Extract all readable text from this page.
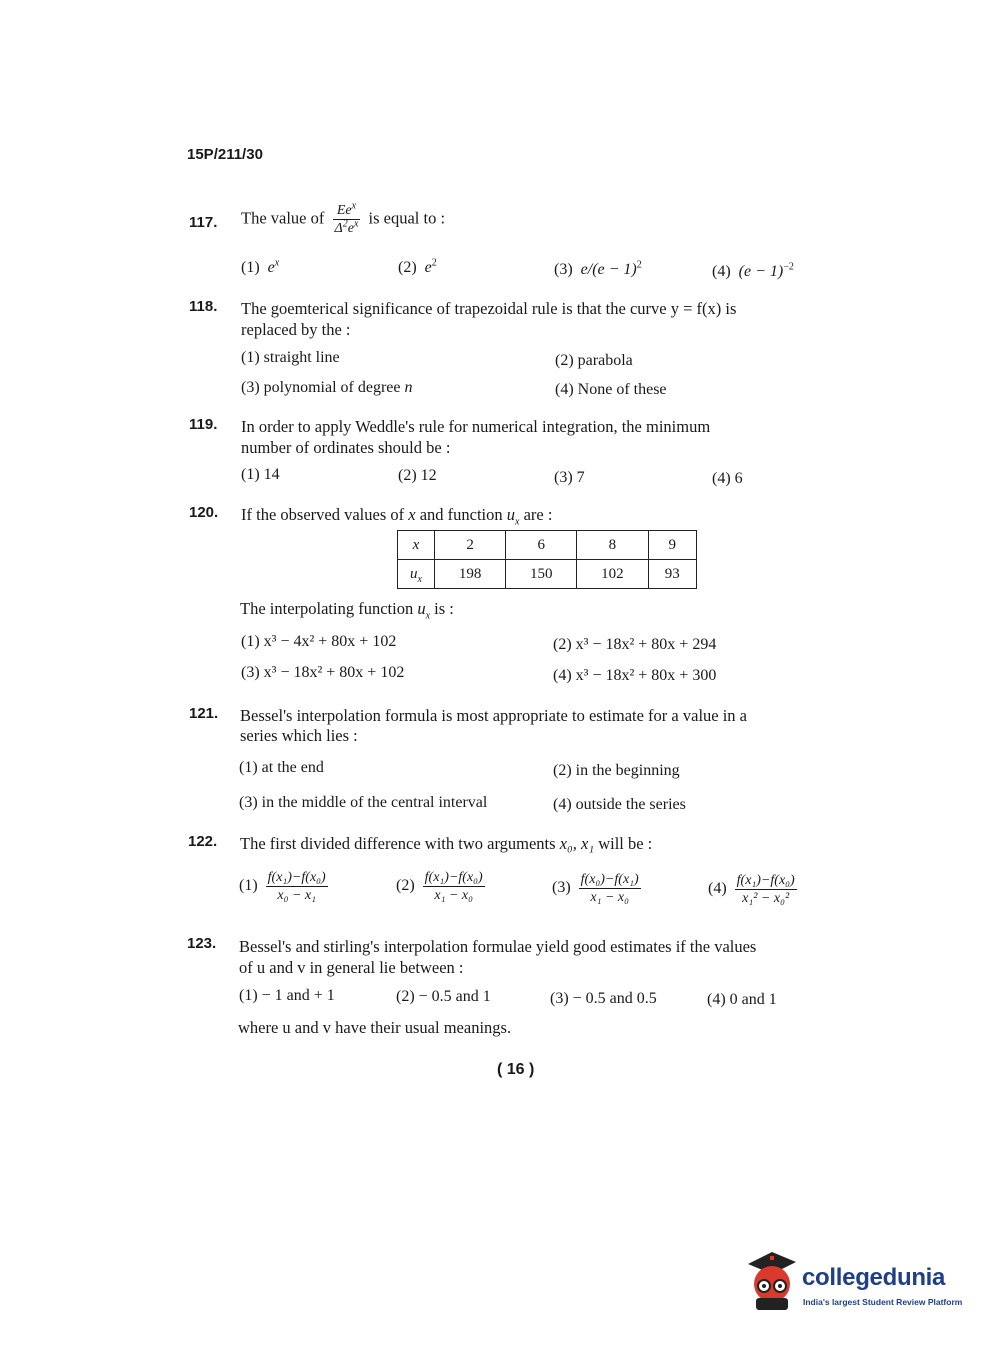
15P/211/30
117. The value of $\frac{Ee^x}{\Delta^2e^x}$ is equal to :
(1) $e^x$	(2) $e^2$	(3) $e/(e - 1)^2$	(4) $(e - 1)^{-2}$
118. The goemterical significance of trapezoidal rule is that the curve y = f(x) is
replaced by the :
(1) straight line	(2) parabola
(3) polynomial of degree n	(4) None of these
119. In order to apply Weddle's rule for numerical integration, the minimum
number of ordinates should be :
(1) 14	(2) 12	(3) 7	(4) 6
120. If the observed values of x and function $u_x$ are :
x	2	6	8	9
$u_x$	198	150	102	93
The interpolating function $u_x$ is :
(1) x³ − 4x² + 80x + 102	(2) x³ − 18x² + 80x + 294
(3) x³ − 18x² + 80x + 102	(4) x³ − 18x² + 80x + 300
121. Bessel's interpolation formula is most appropriate to estimate for a value in a
series which lies :
(1) at the end	(2) in the beginning
(3) in the middle of the central interval	(4) outside the series
122. The first divided difference with two arguments x₀, x₁ will be :
$(1) \frac{\text{f(x₁)−f(x₀)}}{\text{x₀ − x₁}}$	$(2) \frac{\text{f(x₁)−f(x₀)}}{\text{x₁ − x₀}}$	$(3) \frac{\text{f(x₀)−f(x₁)}}{\text{x₁ − x₀}}$	$(4) \frac{\text{f(x₁)−f(x₀)}}{\text{x₁² − x₀²}}$
123. Bessel's and stirling's interpolation formulae yield good estimates if the values
of u and v in general lie between :
(1) − 1 and + 1	(2) − 0.5 and 1	(3) − 0.5 and 0.5	(4) 0 and 1
where u and v have their usual meanings.
( 16 )
collegedunia
India's largest Student Review Platform
